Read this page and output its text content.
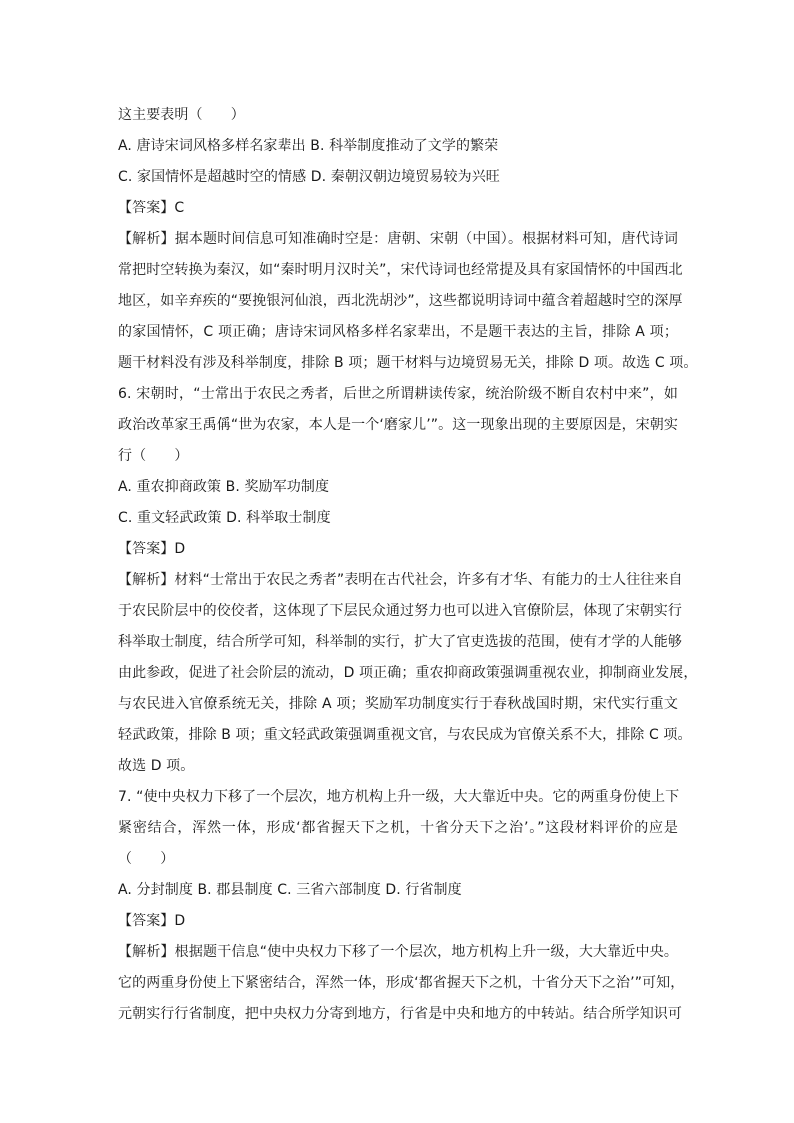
这主要表明（　　）
A. 唐诗宋词风格多样名家辈出 B. 科举制度推动了文学的繁荣
C. 家国情怀是超越时空的情感 D. 秦朝汉朝边境贸易较为兴旺
【答案】C
【解析】据本题时间信息可知准确时空是：唐朝、宋朝（中国）。根据材料可知，唐代诗词
常把时空转换为秦汉，如“秦时明月汉时关”，宋代诗词也经常提及具有家国情怀的中国西北
地区，如辛弃疾的“要挽银河仙浪，西北洗胡沙”，这些都说明诗词中蕴含着超越时空的深厚
的家国情怀，C 项正确；唐诗宋词风格多样名家辈出，不是题干表达的主旨，排除 A 项；
题干材料没有涉及科举制度，排除 B 项；题干材料与边境贸易无关，排除 D 项。故选 C 项。
6. 宋朝时，“士常出于农民之秀者，后世之所谓耕读传家，统治阶级不断自农村中来”，如
政治改革家王禹偁“世为农家，本人是一个‘磨家儿’”。这一现象出现的主要原因是，宋朝实
行（　　）
A. 重农抑商政策 B. 奖励军功制度
C. 重文轻武政策 D. 科举取士制度
【答案】D
【解析】材料“士常出于农民之秀者”表明在古代社会，许多有才华、有能力的士人往往来自
于农民阶层中的佼佼者，这体现了下层民众通过努力也可以进入官僚阶层，体现了宋朝实行
科举取士制度，结合所学可知，科举制的实行，扩大了官吏选拔的范围，使有才学的人能够
由此参政，促进了社会阶层的流动，D 项正确；重农抑商政策强调重视农业，抑制商业发展，
与农民进入官僚系统无关，排除 A 项；奖励军功制度实行于春秋战国时期，宋代实行重文
轻武政策，排除 B 项；重文轻武政策强调重视文官，与农民成为官僚关系不大，排除 C 项。
故选 D 项。
7. “使中央权力下移了一个层次，地方机构上升一级，大大靠近中央。它的两重身份使上下
紧密结合，浑然一体，形成‘都省握天下之机，十省分天下之治’。”这段材料评价的应是
（　　）
A. 分封制度 B. 郡县制度 C. 三省六部制度 D. 行省制度
【答案】D
【解析】根据题干信息“使中央权力下移了一个层次，地方机构上升一级，大大靠近中央。
它的两重身份使上下紧密结合，浑然一体，形成‘都省握天下之机，十省分天下之治’”可知，
元朝实行行省制度，把中央权力分寄到地方，行省是中央和地方的中转站。结合所学知识可
